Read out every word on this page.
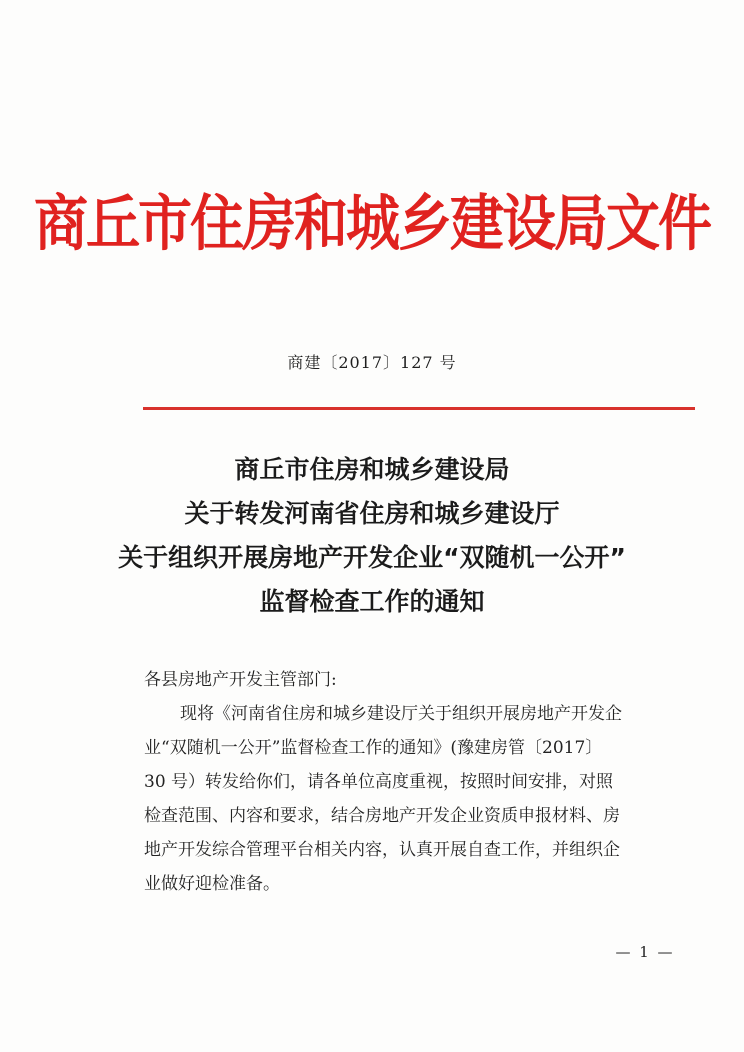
商丘市住房和城乡建设局文件
商建〔2017〕127 号
商丘市住房和城乡建设局
关于转发河南省住房和城乡建设厅
关于组织开展房地产开发企业“双随机一公开”
监督检查工作的通知
各县房地产开发主管部门:
现将《河南省住房和城乡建设厅关于组织开展房地产开发企
业“双随机一公开”监督检查工作的通知》(豫建房管〔2017〕
30 号）转发给你们，请各单位高度重视，按照时间安排，对照
检查范围、内容和要求，结合房地产开发企业资质申报材料、房
地产开发综合管理平台相关内容，认真开展自查工作，并组织企
业做好迎检准备。
— 1 —
